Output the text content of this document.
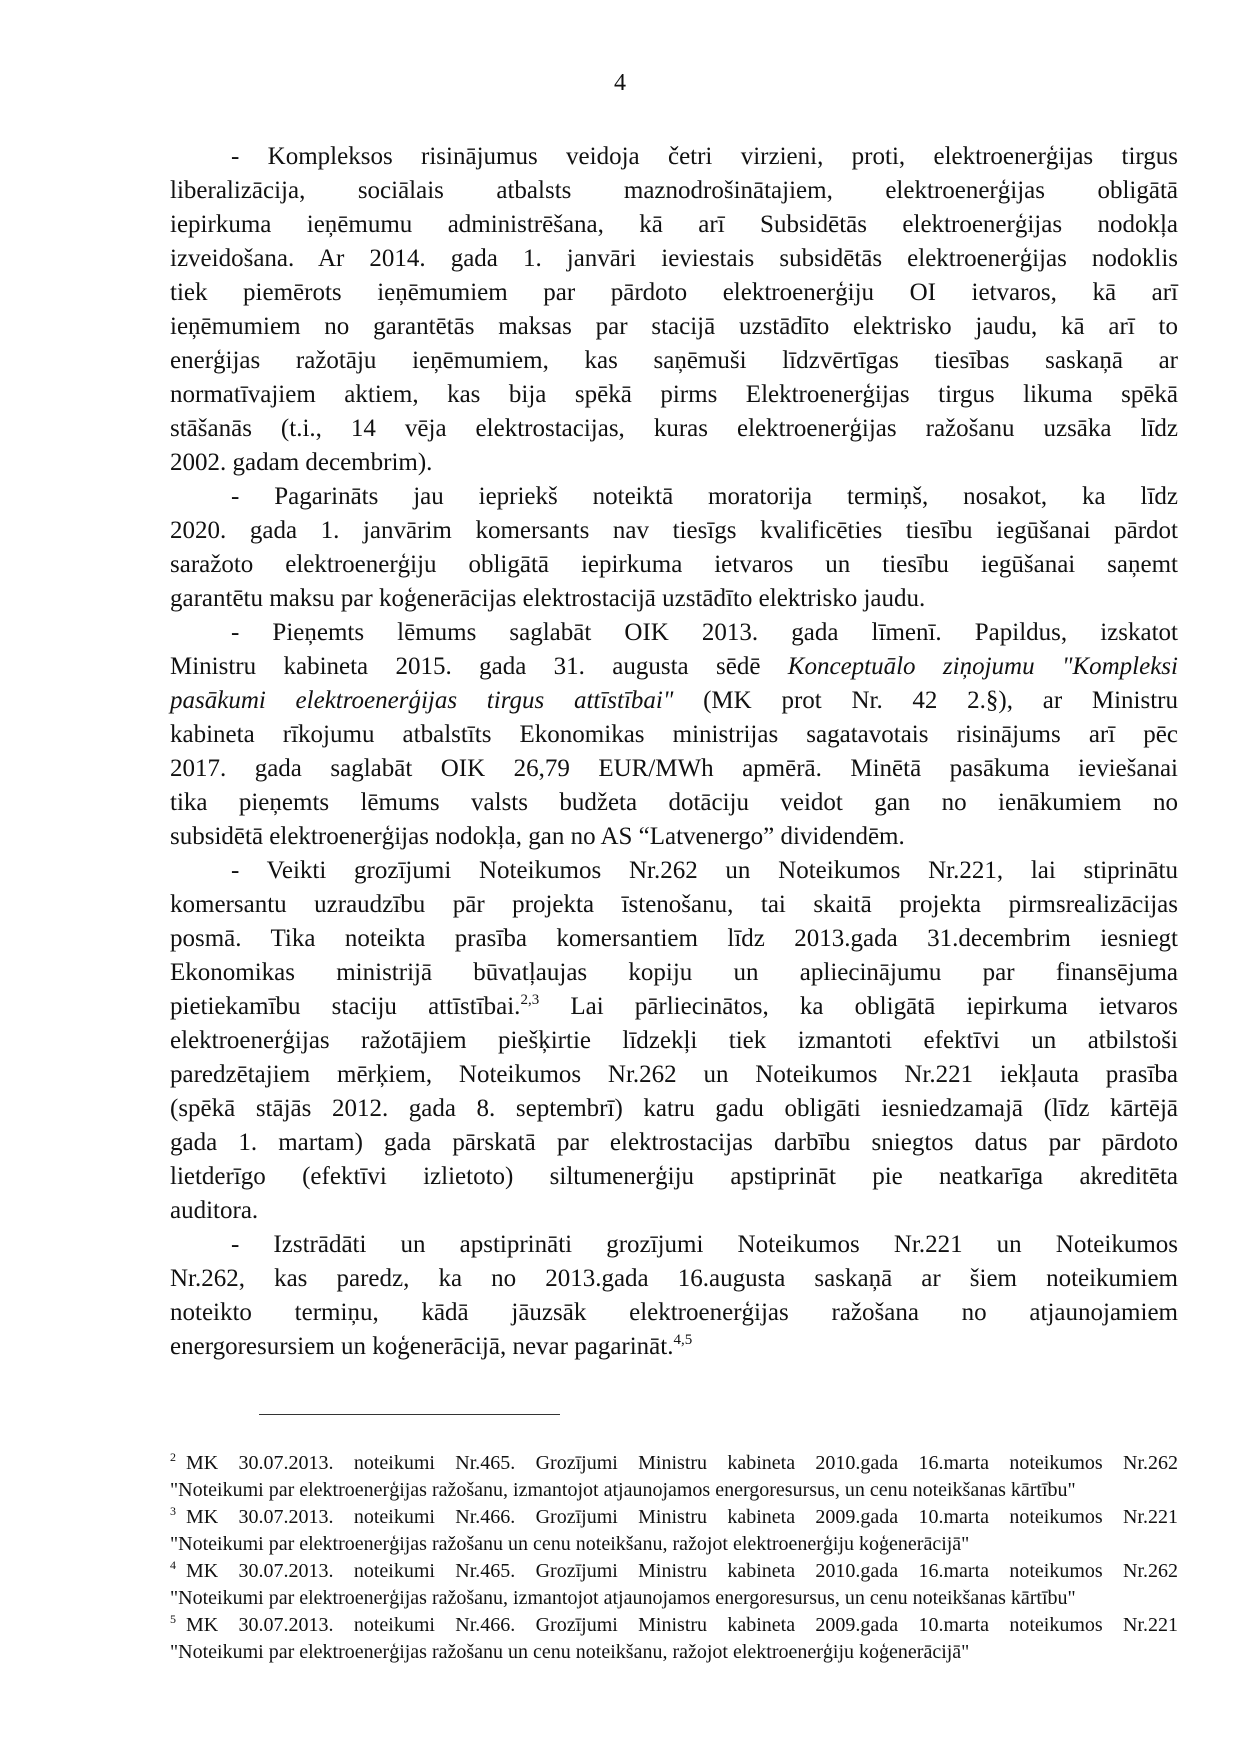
4
- Kompleksos risinājumus veidoja četri virzieni, proti, elektroenerģijas tirgus
liberalizācija, sociālais atbalsts maznodrošinātajiem, elektroenerģijas obligātā
iepirkuma ieņēmumu administrēšana, kā arī Subsidētās elektroenerģijas nodokļa
izveidošana. Ar 2014. gada 1. janvāri ieviestais subsidētās elektroenerģijas nodoklis
tiek piemērots ieņēmumiem par pārdoto elektroenerģiju OI ietvaros, kā arī
ieņēmumiem no garantētās maksas par stacijā uzstādīto elektrisko jaudu, kā arī to
enerģijas ražotāju ieņēmumiem, kas saņēmuši līdzvērtīgas tiesības saskaņā ar
normatīvajiem aktiem, kas bija spēkā pirms Elektroenerģijas tirgus likuma spēkā
stāšanās (t.i., 14 vēja elektrostacijas, kuras elektroenerģijas ražošanu uzsāka līdz
2002. gadam decembrim).
- Pagarināts jau iepriekš noteiktā moratorija termiņš, nosakot, ka līdz
2020. gada 1. janvārim komersants nav tiesīgs kvalificēties tiesību iegūšanai pārdot
saražoto elektroenerģiju obligātā iepirkuma ietvaros un tiesību iegūšanai saņemt
garantētu maksu par koģenerācijas elektrostacijā uzstādīto elektrisko jaudu.
- Pieņemts lēmums saglabāt OIK 2013. gada līmenī. Papildus, izskatot
Ministru kabineta 2015. gada 31. augusta sēdē Konceptuālo ziņojumu "Kompleksi
pasākumi elektroenerģijas tirgus attīstībai" (MK prot Nr. 42 2.§), ar Ministru
kabineta rīkojumu atbalstīts Ekonomikas ministrijas sagatavotais risinājums arī pēc
2017. gada saglabāt OIK 26,79 EUR/MWh apmērā. Minētā pasākuma ieviešanai
tika pieņemts lēmums valsts budžeta dotāciju veidot gan no ienākumiem no
subsidētā elektroenerģijas nodokļa, gan no AS “Latvenergo” dividendēm.
- Veikti grozījumi Noteikumos Nr.262 un Noteikumos Nr.221, lai stiprinātu
komersantu uzraudzību pār projekta īstenošanu, tai skaitā projekta pirmsrealizācijas
posmā. Tika noteikta prasība komersantiem līdz 2013.gada 31.decembrim iesniegt
Ekonomikas ministrijā būvatļaujas kopiju un apliecinājumu par finansējuma
pietiekamību staciju attīstībai.$^{2,3}$ Lai pārliecinātos, ka obligātā iepirkuma ietvaros
elektroenerģijas ražotājiem piešķirtie līdzekļi tiek izmantoti efektīvi un atbilstoši
paredzētajiem mērķiem, Noteikumos Nr.262 un Noteikumos Nr.221 iekļauta prasība
(spēkā stājās 2012. gada 8. septembrī) katru gadu obligāti iesniedzamajā (līdz kārtējā
gada 1. martam) gada pārskatā par elektrostacijas darbību sniegtos datus par pārdoto
lietderīgo (efektīvi izlietoto) siltumenerģiju apstiprināt pie neatkarīga akreditēta
auditora.
- Izstrādāti un apstiprināti grozījumi Noteikumos Nr.221 un Noteikumos
Nr.262, kas paredz, ka no 2013.gada 16.augusta saskaņā ar šiem noteikumiem
noteikto termiņu, kādā jāuzsāk elektroenerģijas ražošana no atjaunojamiem
energoresursiem un koģenerācijā, nevar pagarināt.$^{4,5}$
$^2$ MK 30.07.2013. noteikumi Nr.465. Grozījumi Ministru kabineta 2010.gada 16.marta noteikumos Nr.262
"Noteikumi par elektroenerģijas ražošanu, izmantojot atjaunojamos energoresursus, un cenu noteikšanas kārtību"
$^3$ MK 30.07.2013. noteikumi Nr.466. Grozījumi Ministru kabineta 2009.gada 10.marta noteikumos Nr.221
"Noteikumi par elektroenerģijas ražošanu un cenu noteikšanu, ražojot elektroenerģiju koģenerācijā"
$^4$ MK 30.07.2013. noteikumi Nr.465. Grozījumi Ministru kabineta 2010.gada 16.marta noteikumos Nr.262
"Noteikumi par elektroenerģijas ražošanu, izmantojot atjaunojamos energoresursus, un cenu noteikšanas kārtību"
$^5$ MK 30.07.2013. noteikumi Nr.466. Grozījumi Ministru kabineta 2009.gada 10.marta noteikumos Nr.221
"Noteikumi par elektroenerģijas ražošanu un cenu noteikšanu, ražojot elektroenerģiju koģenerācijā"
